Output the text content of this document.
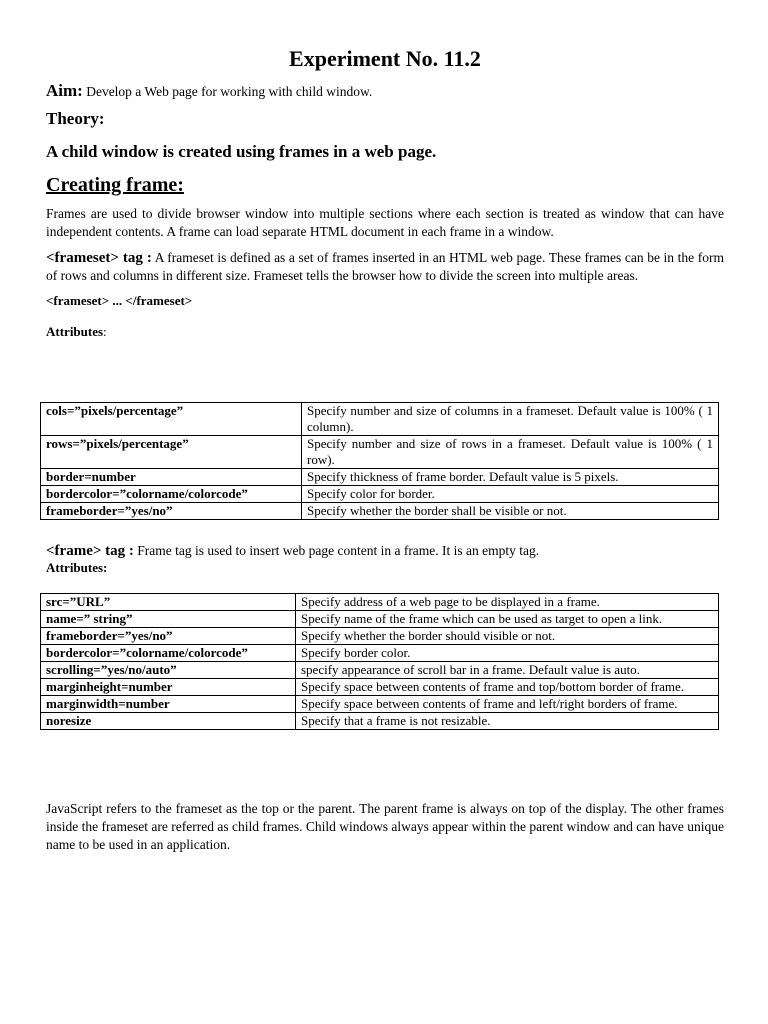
Experiment No. 11.2
Aim: Develop a Web page for working with child window.
Theory:
A child window is created using frames in a web page.
Creating frame:

Frames are used to divide browser window into multiple sections where each section is treated as window that can have independent contents. A frame can load separate HTML document in each frame in a window.

<frameset> tag : A frameset is defined as a set of frames inserted in an HTML web page. These frames can be in the form of rows and columns in different size. Frameset tells the browser how to divide the screen into multiple areas.

<frameset> ... </frameset>
Attributes:
cols=”pixels/percentage”	Specify number and size of columns in a frameset. Default value is 100% ( 1 column).
rows=”pixels/percentage”	Specify number and size of rows in a frameset. Default value is 100% ( 1 row).
border=number	Specify thickness of frame border. Default value is 5 pixels.
bordercolor=”colorname/colorcode”	Specify color for border.
frameborder=”yes/no”	Specify whether the border shall be visible or not.
<frame> tag : Frame tag is used to insert web page content in a frame. It is an empty tag.
Attributes:
src=”URL”	Specify address of a web page to be displayed in a frame.
name=” string”	Specify name of the frame which can be used as target to open a link.
frameborder=”yes/no”	Specify whether the border should visible or not.
bordercolor=”colorname/colorcode”	Specify border color.
scrolling=”yes/no/auto”	specify appearance of scroll bar in a frame. Default value is auto.
marginheight=number	Specify space between contents of frame and top/bottom border of frame.
marginwidth=number	Specify space between contents of frame and left/right borders of frame.
noresize	Specify that a frame is not resizable.

JavaScript refers to the frameset as the top or the parent. The parent frame is always on top of the display. The other frames inside the frameset are referred as child frames. Child windows always appear within the parent window and can have unique name to be used in an application.
